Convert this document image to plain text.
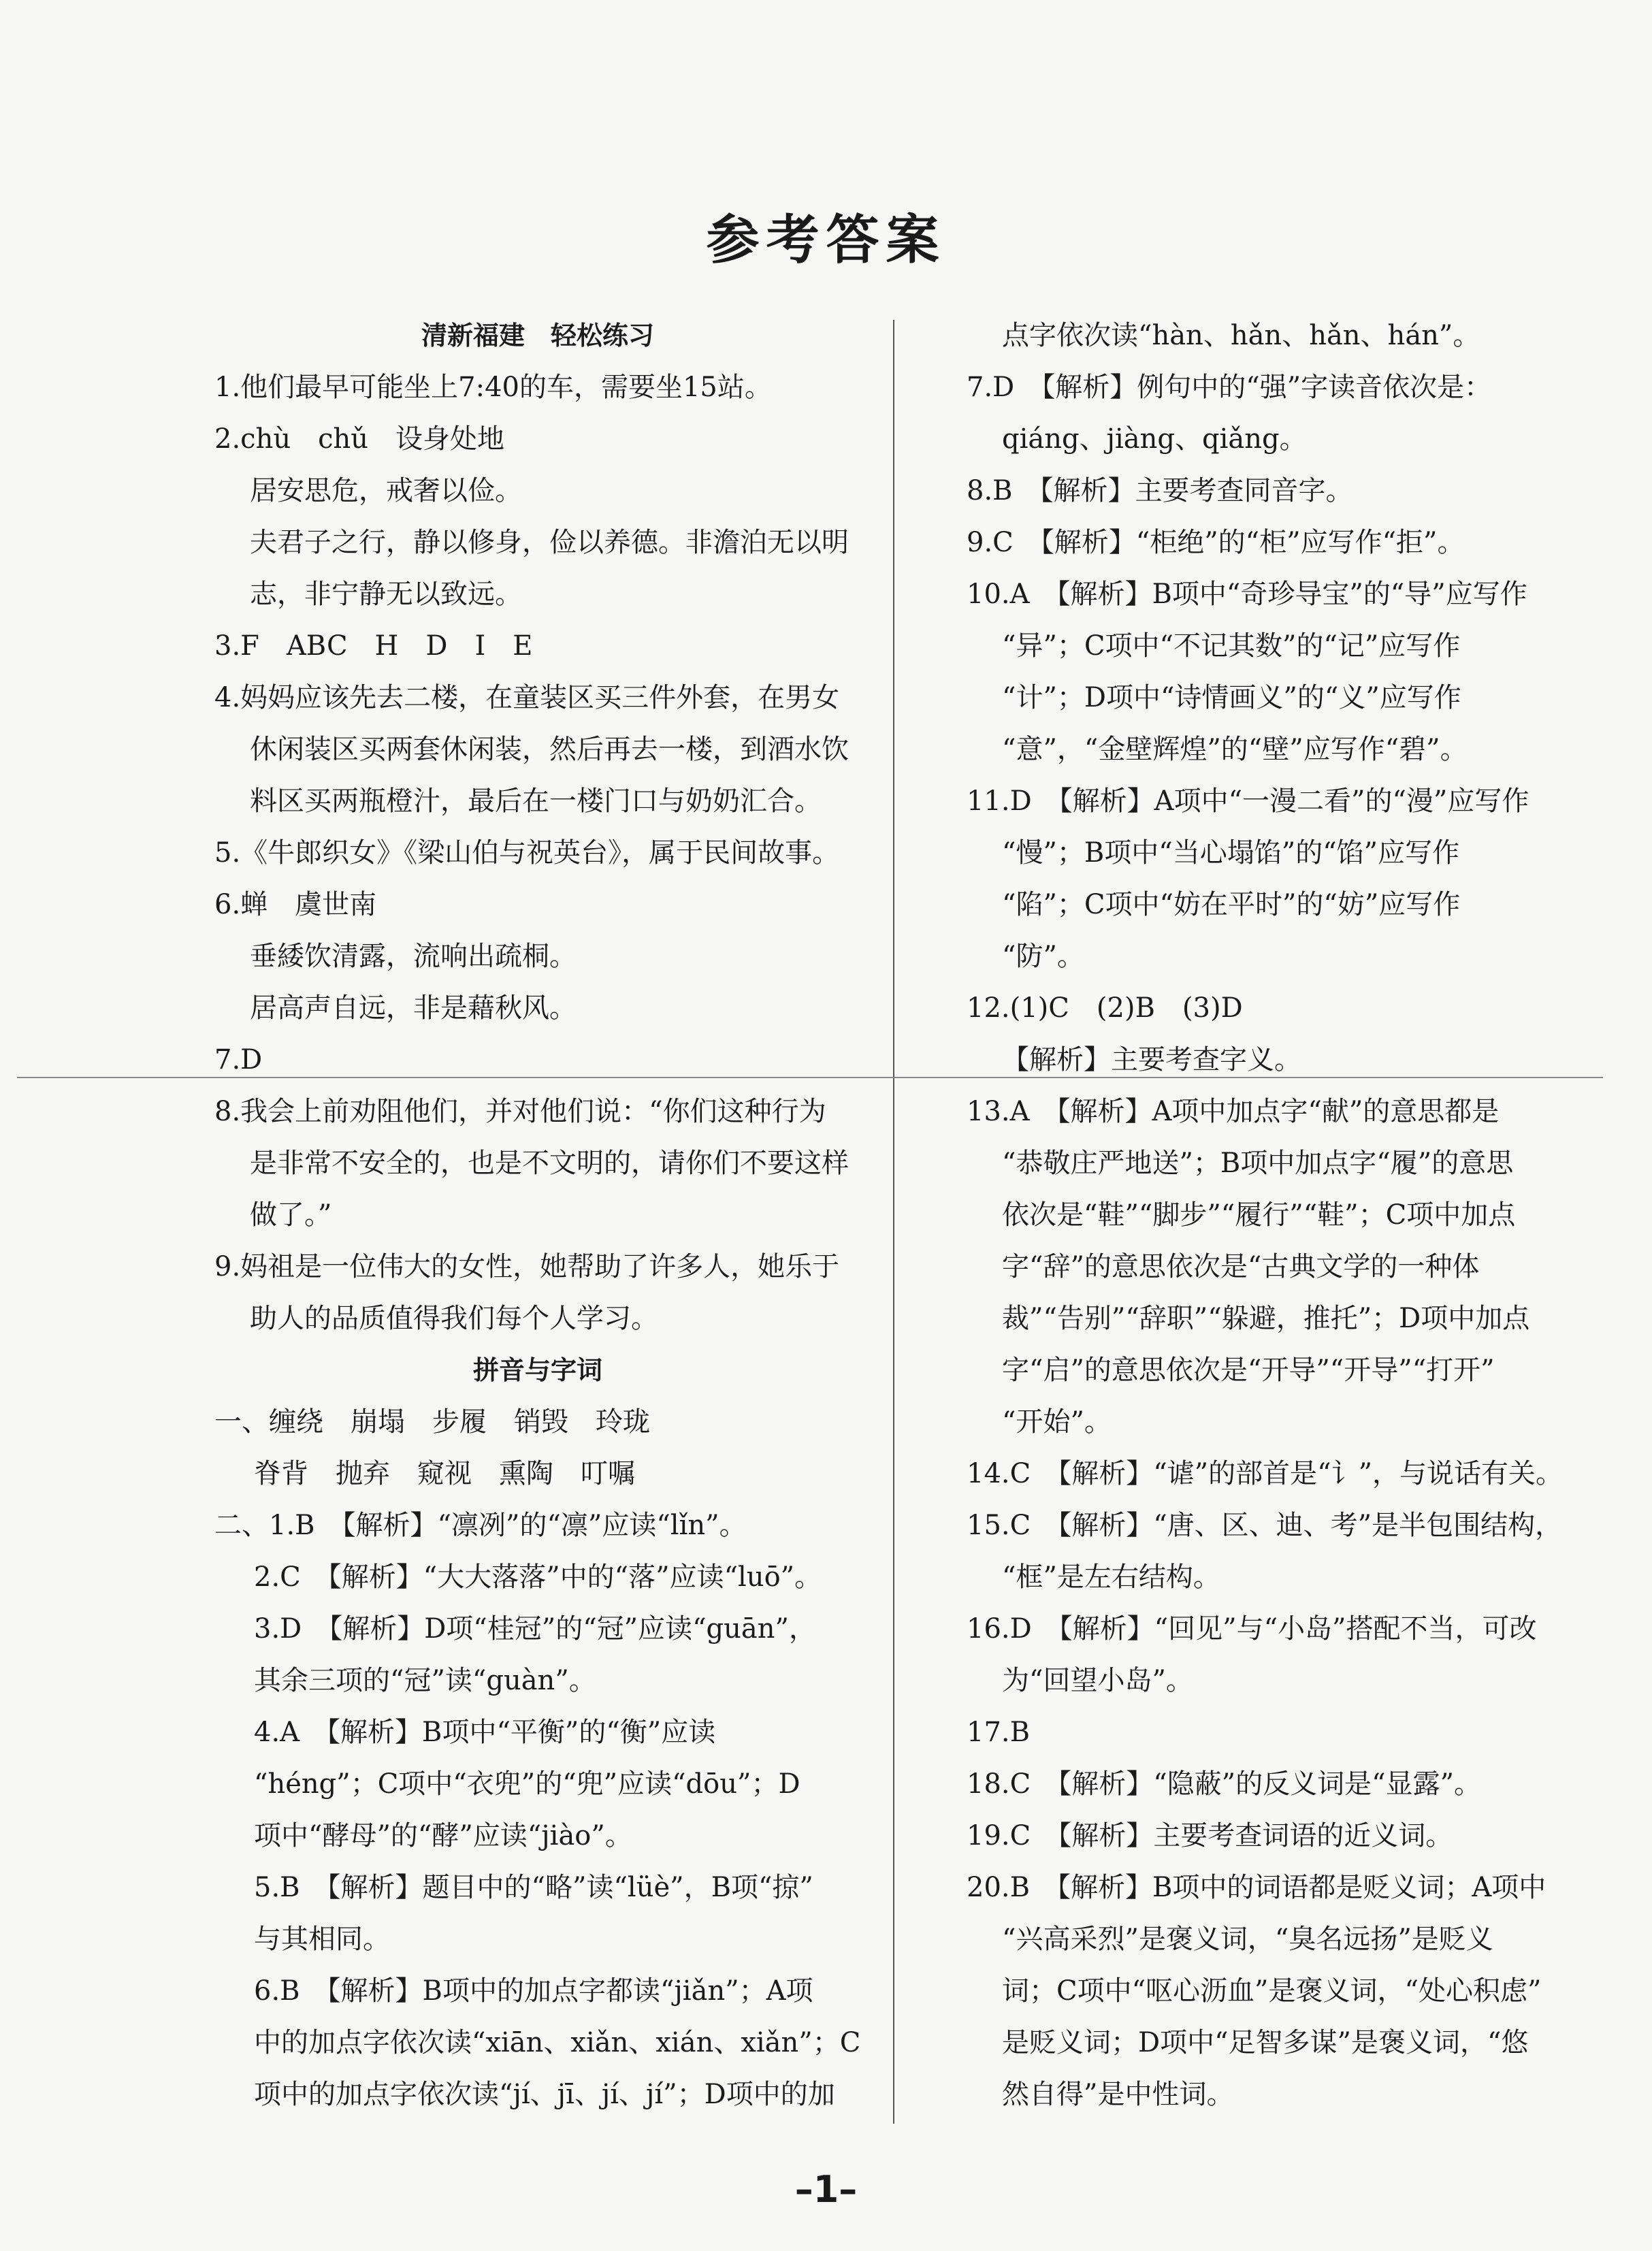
参考答案
清新福建　轻松练习
1.他们最早可能坐上7:40的车，需要坐15站。
2.chù　chǔ　设身处地
居安思危，戒奢以俭。
夫君子之行，静以修身，俭以养德。非澹泊无以明
志，非宁静无以致远。
3.F　ABC　H　D　I　E
4.妈妈应该先去二楼，在童装区买三件外套，在男女
休闲装区买两套休闲装，然后再去一楼，到酒水饮
料区买两瓶橙汁，最后在一楼门口与奶奶汇合。
5.《牛郎织女》《梁山伯与祝英台》，属于民间故事。
6.蝉　虞世南
垂緌饮清露，流响出疏桐。
居高声自远，非是藉秋风。
7.D
8.我会上前劝阻他们，并对他们说：“你们这种行为
是非常不安全的，也是不文明的，请你们不要这样
做了。”
9.妈祖是一位伟大的女性，她帮助了许多人，她乐于
助人的品质值得我们每个人学习。
拼音与字词
一、缠绕　崩塌　步履　销毁　玲珑
脊背　抛弃　窥视　熏陶　叮嘱
二、1.B　【解析】“凛冽”的“凛”应读“lǐn”。
2.C　【解析】“大大落落”中的“落”应读“luō”。
3.D　【解析】D项“桂冠”的“冠”应读“guān”，
其余三项的“冠”读“guàn”。
4.A　【解析】B项中“平衡”的“衡”应读
“héng”；C项中“衣兜”的“兜”应读“dōu”；D
项中“酵母”的“酵”应读“jiào”。
5.B　【解析】题目中的“略”读“lüè”，B项“掠”
与其相同。
6.B　【解析】B项中的加点字都读“jiǎn”；A项
中的加点字依次读“xiān、xiǎn、xián、xiǎn”；C
项中的加点字依次读“jí、jī、jí、jí”；D项中的加
点字依次读“hàn、hǎn、hǎn、hán”。
7.D　【解析】例句中的“强”字读音依次是：
qiáng、jiàng、qiǎng。
8.B　【解析】主要考查同音字。
9.C　【解析】“柜绝”的“柜”应写作“拒”。
10.A　【解析】B项中“奇珍导宝”的“导”应写作
“异”；C项中“不记其数”的“记”应写作
“计”；D项中“诗情画义”的“义”应写作
“意”，“金壁辉煌”的“壁”应写作“碧”。
11.D　【解析】A项中“一漫二看”的“漫”应写作
“慢”；B项中“当心塌馅”的“馅”应写作
“陷”；C项中“妨在平时”的“妨”应写作
“防”。
12.(1)C　(2)B　(3)D
【解析】主要考查字义。
13.A　【解析】A项中加点字“献”的意思都是
“恭敬庄严地送”；B项中加点字“履”的意思
依次是“鞋”“脚步”“履行”“鞋”；C项中加点
字“辞”的意思依次是“古典文学的一种体
裁”“告别”“辞职”“躲避，推托”；D项中加点
字“启”的意思依次是“开导”“开导”“打开”
“开始”。
14.C　【解析】“谑”的部首是“讠”，与说话有关。
15.C　【解析】“唐、区、迪、考”是半包围结构，
“框”是左右结构。
16.D　【解析】“回见”与“小岛”搭配不当，可改
为“回望小岛”。
17.B
18.C　【解析】“隐蔽”的反义词是“显露”。
19.C　【解析】主要考查词语的近义词。
20.B　【解析】B项中的词语都是贬义词；A项中
“兴高采烈”是褒义词，“臭名远扬”是贬义
词；C项中“呕心沥血”是褒义词，“处心积虑”
是贬义词；D项中“足智多谋”是褒义词，“悠
然自得”是中性词。
–1–
